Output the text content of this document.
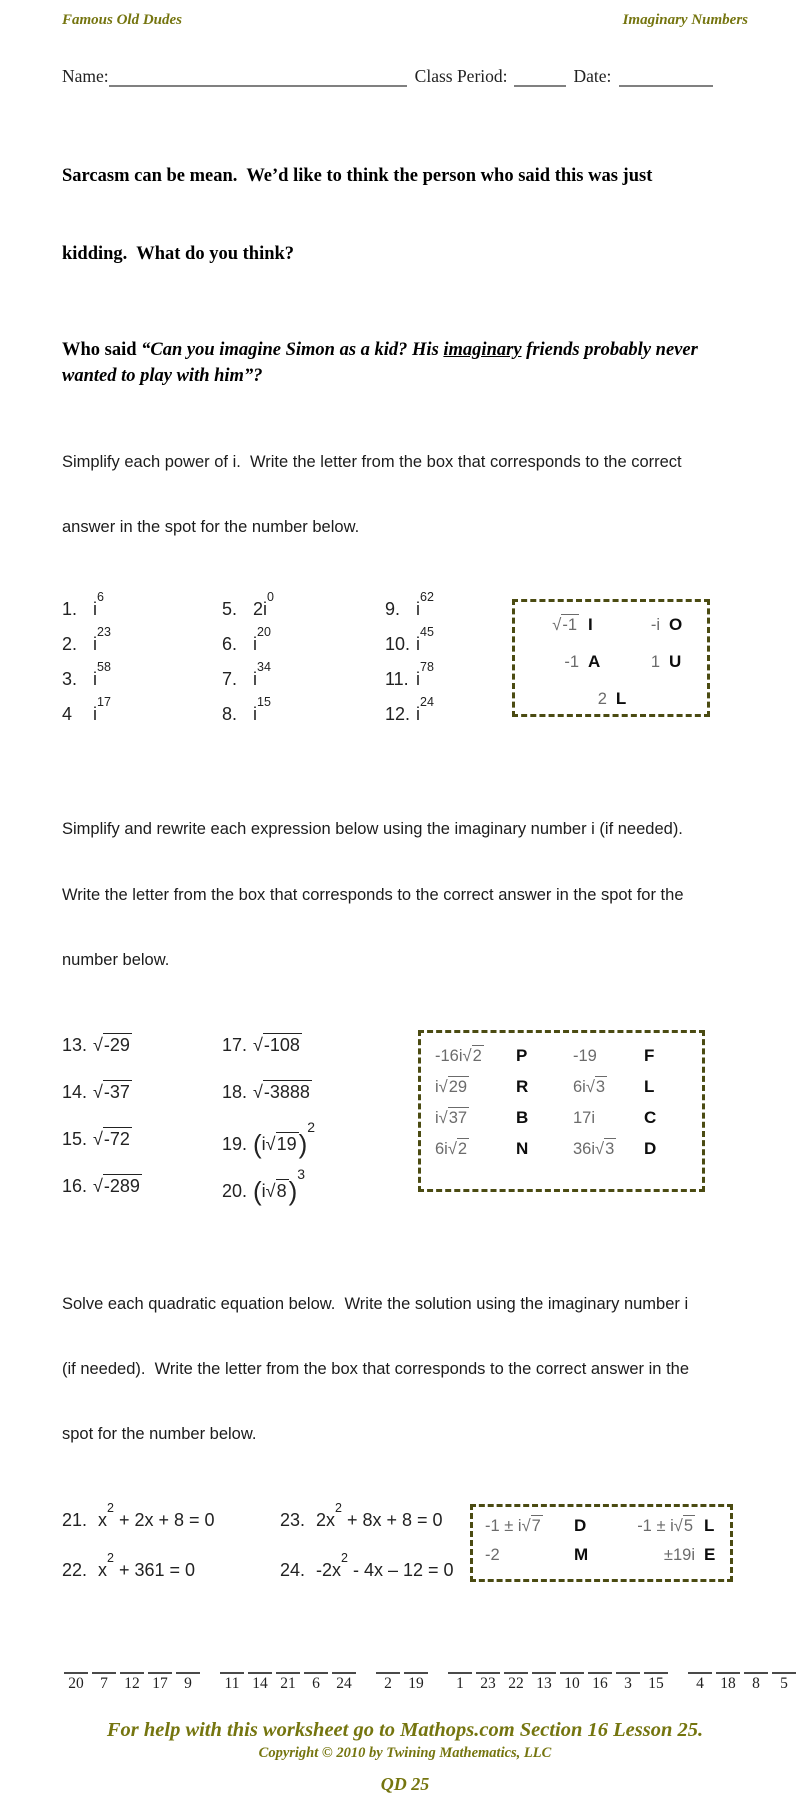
Famous Old Dudes	Imaginary Numbers
Name:	Class Period:	Date:

Sarcasm can be mean.  We’d like to think the person who said this was just

kidding.  What do you think?

Who said “Can you imagine Simon as a kid? His imaginary friends probably never
wanted to play with him”?

Simplify each power of i.  Write the letter from the box that corresponds to the correct

answer in the spot for the number below.

1. $i^6$
2. $i^{23}$
3. $i^{58}$
4	$i^{17}$
5. $2i^0$
6. $i^{20}$
7. $i^{34}$
8. $i^{15}$
9. $i^{62}$
10. $i^{45}$
11. $i^{78}$
12. $i^{24}$
√-1 I	-i O
-1 A	1 U
2 L

Simplify and rewrite each expression below using the imaginary number i (if needed).

Write the letter from the box that corresponds to the correct answer in the spot for the

number below.

13. √-29
14. √-37
15. √-72
16. √-289
17. √-108
18. √-3888
19. $(i√19)^2$
20. $(i√8)^3$
-16i√2	P	-19	F
i√29	R	6i√3	L
i√37	B	17i	C
6i√2	N	36i√3	D

Solve each quadratic equation below.  Write the solution using the imaginary number i

(if needed).  Write the letter from the box that corresponds to the correct answer in the

spot for the number below.

21. $x^2 + 2x + 8 = 0$	23. $2x^2 + 8x + 8 = 0$
22. $x^2 + 361 = 0$	24. $-2x^2 - 4x - 12 = 0$
-1 ± i√7	D	-1 ± i√5 L
-2	M	±19i E
20 7 12 17 9 11 14 21 6 24 2 19 1 23 22 13 10 16 3 15 4 18 8 5
For help with this worksheet go to Mathops.com Section 16 Lesson 25.
Copyright © 2010 by Twining Mathematics, LLC
QD 25
